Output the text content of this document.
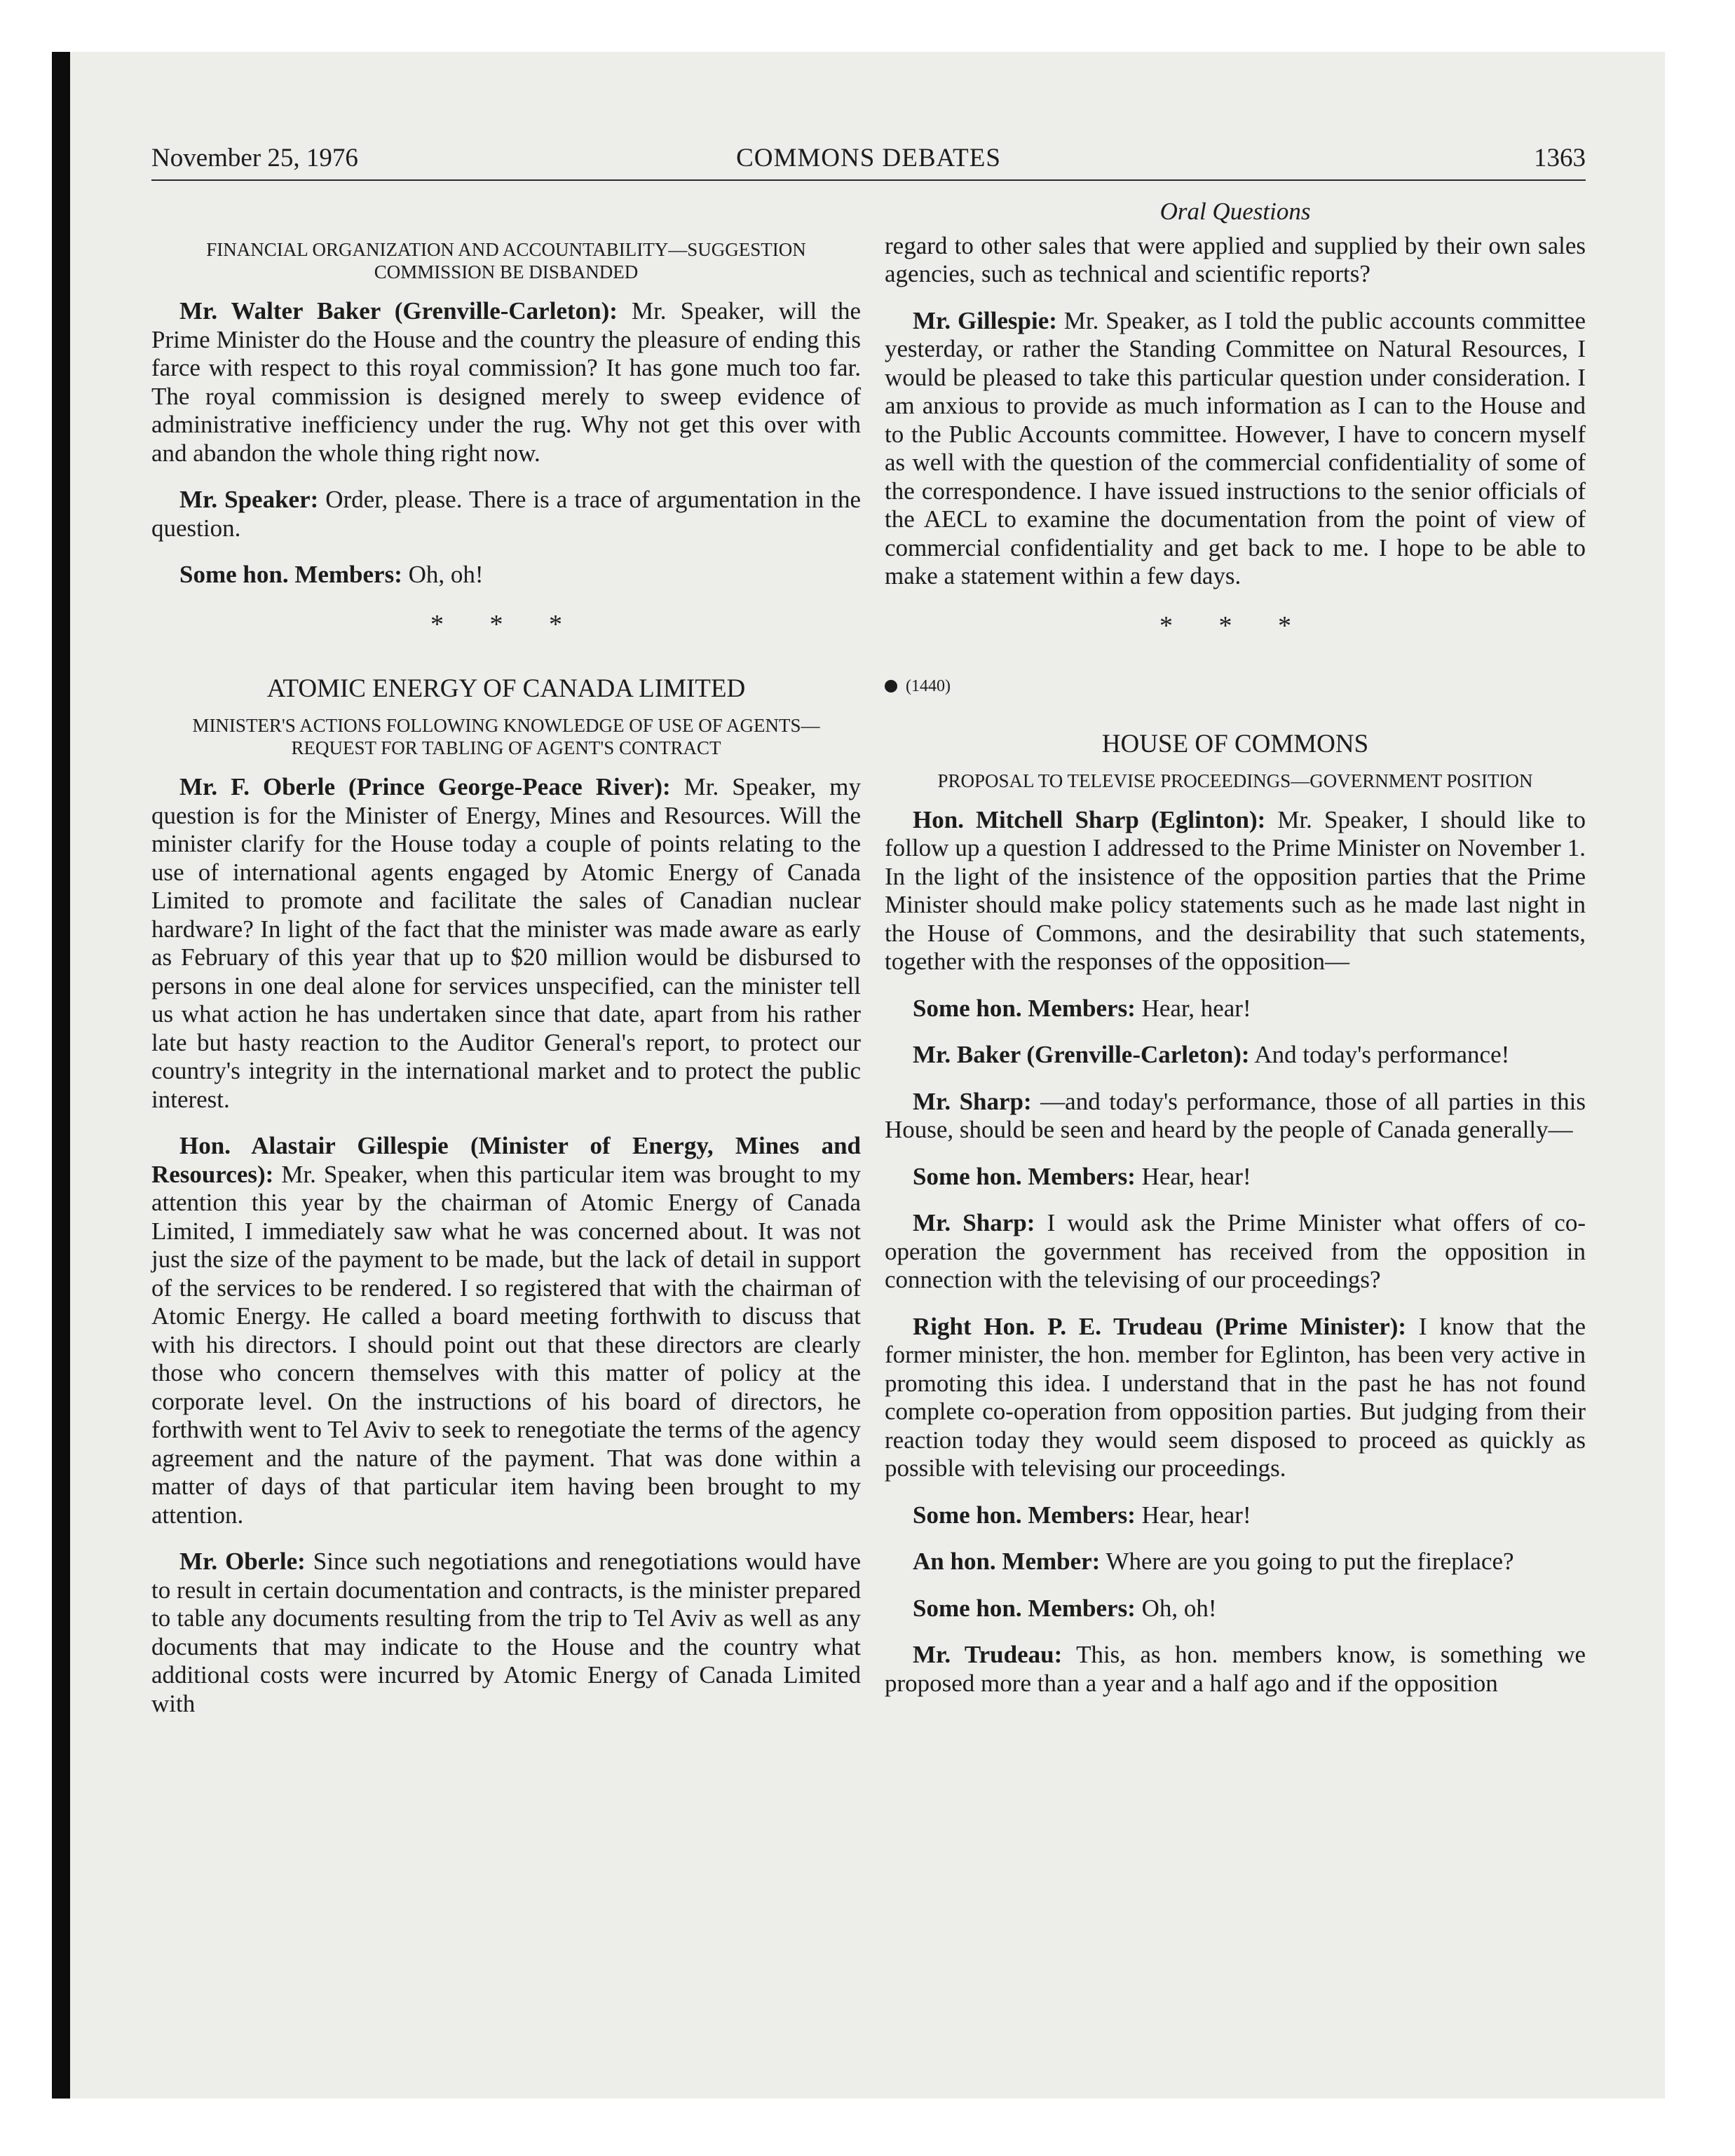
November 25, 1976	COMMONS DEBATES	1363
FINANCIAL ORGANIZATION AND ACCOUNTABILITY—SUGGESTION COMMISSION BE DISBANDED

Mr. Walter Baker (Grenville-Carleton): Mr. Speaker, will the Prime Minister do the House and the country the pleasure of ending this farce with respect to this royal commission? It has gone much too far. The royal commission is designed merely to sweep evidence of administrative inefficiency under the rug. Why not get this over with and abandon the whole thing right now.

Mr. Speaker: Order, please. There is a trace of argumentation in the question.

Some hon. Members: Oh, oh!

* * *
ATOMIC ENERGY OF CANADA LIMITED
MINISTER'S ACTIONS FOLLOWING KNOWLEDGE OF USE OF AGENTS—REQUEST FOR TABLING OF AGENT'S CONTRACT

Mr. F. Oberle (Prince George-Peace River): Mr. Speaker, my question is for the Minister of Energy, Mines and Resources. Will the minister clarify for the House today a couple of points relating to the use of international agents engaged by Atomic Energy of Canada Limited to promote and facilitate the sales of Canadian nuclear hardware? In light of the fact that the minister was made aware as early as February of this year that up to $20 million would be disbursed to persons in one deal alone for services unspecified, can the minister tell us what action he has undertaken since that date, apart from his rather late but hasty reaction to the Auditor General's report, to protect our country's integrity in the international market and to protect the public interest.

Hon. Alastair Gillespie (Minister of Energy, Mines and Resources): Mr. Speaker, when this particular item was brought to my attention this year by the chairman of Atomic Energy of Canada Limited, I immediately saw what he was concerned about. It was not just the size of the payment to be made, but the lack of detail in support of the services to be rendered. I so registered that with the chairman of Atomic Energy. He called a board meeting forthwith to discuss that with his directors. I should point out that these directors are clearly those who concern themselves with this matter of policy at the corporate level. On the instructions of his board of directors, he forthwith went to Tel Aviv to seek to renegotiate the terms of the agency agreement and the nature of the payment. That was done within a matter of days of that particular item having been brought to my attention.

Mr. Oberle: Since such negotiations and renegotiations would have to result in certain documentation and contracts, is the minister prepared to table any documents resulting from the trip to Tel Aviv as well as any documents that may indicate to the House and the country what additional costs were incurred by Atomic Energy of Canada Limited with

Oral Questions

regard to other sales that were applied and supplied by their own sales agencies, such as technical and scientific reports?

Mr. Gillespie: Mr. Speaker, as I told the public accounts committee yesterday, or rather the Standing Committee on Natural Resources, I would be pleased to take this particular question under consideration. I am anxious to provide as much information as I can to the House and to the Public Accounts committee. However, I have to concern myself as well with the question of the commercial confidentiality of some of the correspondence. I have issued instructions to the senior officials of the AECL to examine the documentation from the point of view of commercial confidentiality and get back to me. I hope to be able to make a statement within a few days.

* * *
(1440)
HOUSE OF COMMONS
PROPOSAL TO TELEVISE PROCEEDINGS—GOVERNMENT POSITION

Hon. Mitchell Sharp (Eglinton): Mr. Speaker, I should like to follow up a question I addressed to the Prime Minister on November 1. In the light of the insistence of the opposition parties that the Prime Minister should make policy statements such as he made last night in the House of Commons, and the desirability that such statements, together with the responses of the opposition—

Some hon. Members: Hear, hear!

Mr. Baker (Grenville-Carleton): And today's performance!

Mr. Sharp: —and today's performance, those of all parties in this House, should be seen and heard by the people of Canada generally—

Some hon. Members: Hear, hear!

Mr. Sharp: I would ask the Prime Minister what offers of co-operation the government has received from the opposition in connection with the televising of our proceedings?

Right Hon. P. E. Trudeau (Prime Minister): I know that the former minister, the hon. member for Eglinton, has been very active in promoting this idea. I understand that in the past he has not found complete co-operation from opposition parties. But judging from their reaction today they would seem disposed to proceed as quickly as possible with televising our proceedings.

Some hon. Members: Hear, hear!

An hon. Member: Where are you going to put the fireplace?

Some hon. Members: Oh, oh!

Mr. Trudeau: This, as hon. members know, is something we proposed more than a year and a half ago and if the opposition
